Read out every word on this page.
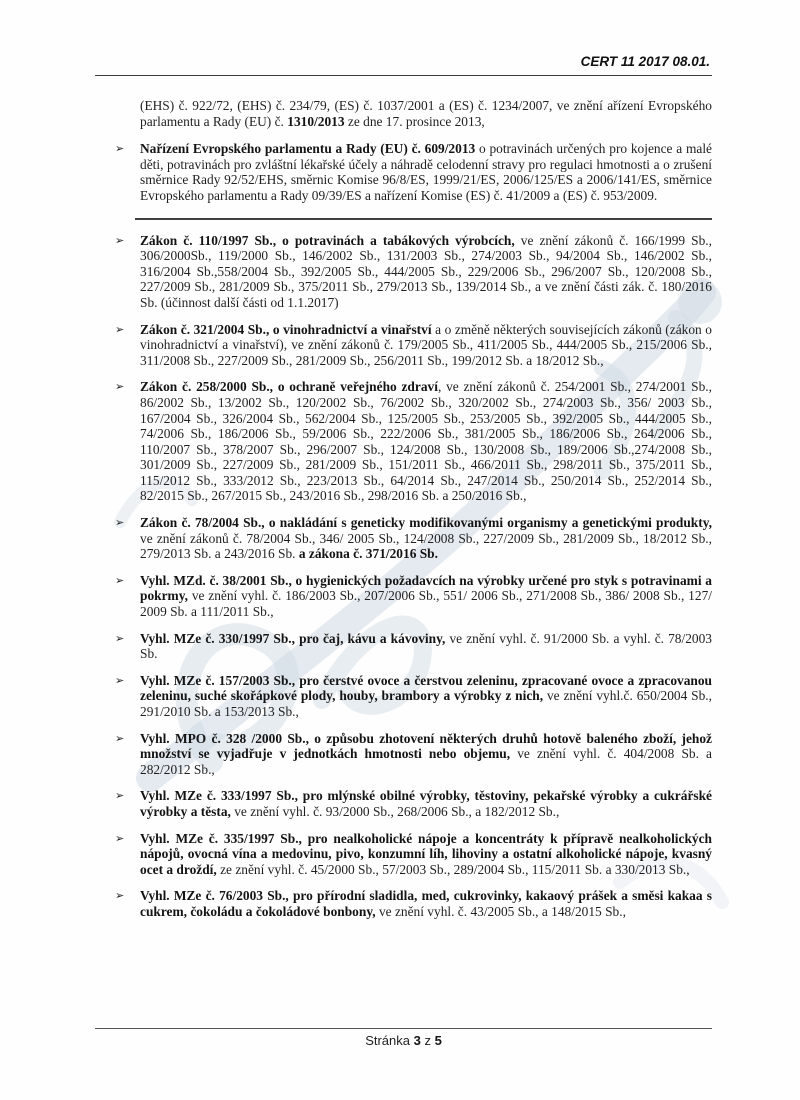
CERT 11 2017 08.01.

(EHS) č. 922/72, (EHS) č. 234/79, (ES) č. 1037/2001 a (ES) č. 1234/2007, ve znění ařízení Evropského parlamentu a Rady (EU) č. 1310/2013 ze dne 17. prosince 2013,

➢ Nařízení Evropského parlamentu a Rady (EU) č. 609/2013 o potravinách určených pro kojence a malé děti, potravinách pro zvláštní lékařské účely a náhradě celodenní stravy pro regulaci hmotnosti a o zrušení směrnice Rady 92/52/EHS, směrnic Komise 96/8/ES, 1999/21/ES, 2006/125/ES a 2006/141/ES, směrnice Evropského parlamentu a Rady 09/39/ES a nařízení Komise (ES) č. 41/2009 a (ES) č. 953/2009.

➢ Zákon č. 110/1997 Sb., o potravinách a tabákových výrobcích, ve znění zákonů č. 166/1999 Sb., 306/2000Sb., 119/2000 Sb., 146/2002 Sb., 131/2003 Sb., 274/2003 Sb., 94/2004 Sb., 146/2002 Sb., 316/2004 Sb.,558/2004 Sb., 392/2005 Sb., 444/2005 Sb., 229/2006 Sb., 296/2007 Sb., 120/2008 Sb., 227/2009 Sb., 281/2009 Sb., 375/2011 Sb., 279/2013 Sb., 139/2014 Sb., a ve znění části zák. č. 180/2016 Sb. (účinnost další části od 1.1.2017)

➢ Zákon č. 321/2004 Sb., o vinohradnictví a vinařství a o změně některých souvisejících zákonů (zákon o vinohradnictví a vinařství), ve znění zákonů č. 179/2005 Sb., 411/2005 Sb., 444/2005 Sb., 215/2006 Sb., 311/2008 Sb., 227/2009 Sb., 281/2009 Sb., 256/2011 Sb., 199/2012 Sb. a 18/2012 Sb.,

➢ Zákon č. 258/2000 Sb., o ochraně veřejného zdraví, ve znění zákonů č. 254/2001 Sb., 274/2001 Sb., 86/2002 Sb., 13/2002 Sb., 120/2002 Sb., 76/2002 Sb., 320/2002 Sb., 274/2003 Sb., 356/ 2003 Sb., 167/2004 Sb., 326/2004 Sb., 562/2004 Sb., 125/2005 Sb., 253/2005 Sb., 392/2005 Sb., 444/2005 Sb., 74/2006 Sb., 186/2006 Sb., 59/2006 Sb., 222/2006 Sb., 381/2005 Sb., 186/2006 Sb., 264/2006 Sb., 110/2007 Sb., 378/2007 Sb., 296/2007 Sb., 124/2008 Sb., 130/2008 Sb., 189/2006 Sb.,274/2008 Sb., 301/2009 Sb., 227/2009 Sb., 281/2009 Sb., 151/2011 Sb., 466/2011 Sb., 298/2011 Sb., 375/2011 Sb., 115/2012 Sb., 333/2012 Sb., 223/2013 Sb., 64/2014 Sb., 247/2014 Sb., 250/2014 Sb., 252/2014 Sb., 82/2015 Sb., 267/2015 Sb., 243/2016 Sb., 298/2016 Sb. a 250/2016 Sb.,

➢ Zákon č. 78/2004 Sb., o nakládání s geneticky modifikovanými organismy a genetickými produkty, ve znění zákonů č. 78/2004 Sb., 346/ 2005 Sb., 124/2008 Sb., 227/2009 Sb., 281/2009 Sb., 18/2012 Sb., 279/2013 Sb. a 243/2016 Sb. a zákona č. 371/2016 Sb.

➢ Vyhl. MZd. č. 38/2001 Sb., o hygienických požadavcích na výrobky určené pro styk s potravinami a pokrmy, ve znění vyhl. č. 186/2003 Sb., 207/2006 Sb., 551/ 2006 Sb., 271/2008 Sb., 386/ 2008 Sb., 127/ 2009 Sb. a 111/2011 Sb.,

➢ Vyhl. MZe č. 330/1997 Sb., pro čaj, kávu a kávoviny, ve znění vyhl. č. 91/2000 Sb. a vyhl. č. 78/2003 Sb.

➢ Vyhl. MZe č. 157/2003 Sb., pro čerstvé ovoce a čerstvou zeleninu, zpracované ovoce a zpracovanou zeleninu, suché skořápkové plody, houby, brambory a výrobky z nich, ve znění vyhl.č. 650/2004 Sb., 291/2010 Sb. a 153/2013 Sb.,

➢ Vyhl. MPO č. 328 /2000 Sb., o způsobu zhotovení některých druhů hotově baleného zboží, jehož množství se vyjadřuje v jednotkách hmotnosti nebo objemu, ve znění vyhl. č. 404/2008 Sb. a 282/2012 Sb.,

➢ Vyhl. MZe č. 333/1997 Sb., pro mlýnské obilné výrobky, těstoviny, pekařské výrobky a cukrářské výrobky a těsta, ve znění vyhl. č. 93/2000 Sb., 268/2006 Sb., a 182/2012 Sb.,

➢ Vyhl. MZe č. 335/1997 Sb., pro nealkoholické nápoje a koncentráty k přípravě nealkoholických nápojů, ovocná vína a medovinu, pivo, konzumní líh, lihoviny a ostatní alkoholické nápoje, kvasný ocet a droždí, ze znění vyhl. č. 45/2000 Sb., 57/2003 Sb., 289/2004 Sb., 115/2011 Sb. a 330/2013 Sb.,

➢ Vyhl. MZe č. 76/2003 Sb., pro přírodní sladidla, med, cukrovinky, kakaový prášek a směsi kakaa s cukrem, čokoládu a čokoládové bonbony, ve znění vyhl. č. 43/2005 Sb., a 148/2015 Sb.,

Stránka 3 z 5
